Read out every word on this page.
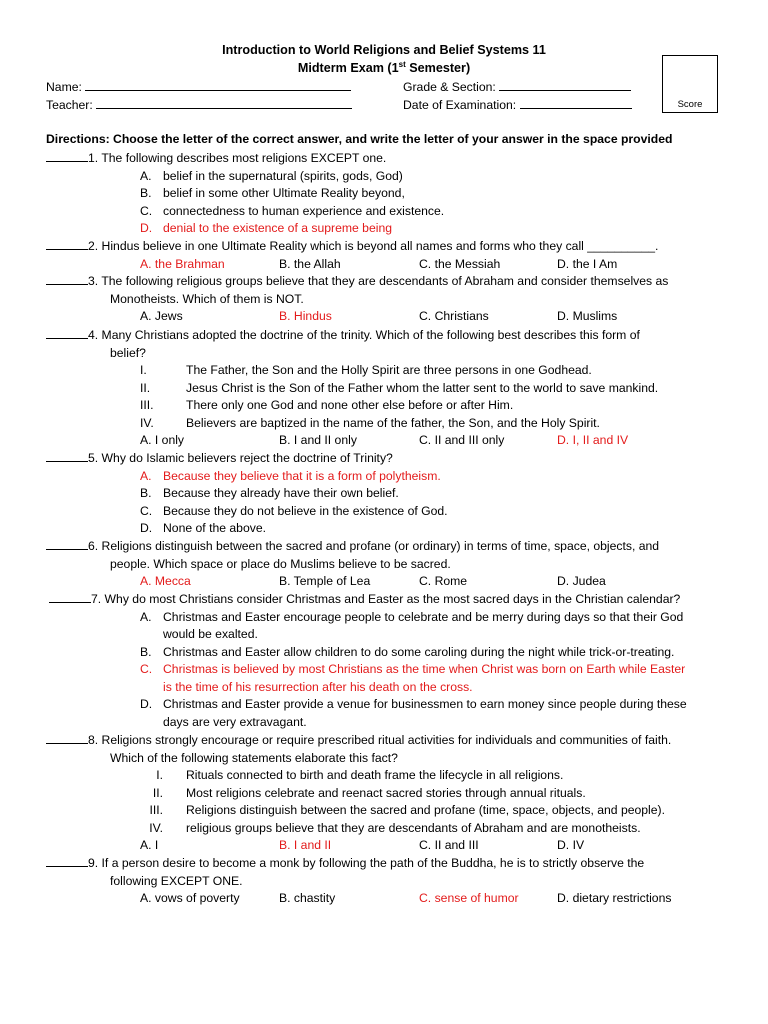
Introduction to World Religions and Belief Systems 11
Midterm Exam (1st Semester)
Name:	Grade & Section:
Teacher:	Date of Examination:	Score
Directions: Choose the letter of the correct answer, and write the letter of your answer in the space provided
1. The following describes most religions EXCEPT one.
A. belief in the supernatural (spirits, gods, God)
B. belief in some other Ultimate Reality beyond,
C. connectedness to human experience and existence.
D. denial to the existence of a supreme being
2. Hindus believe in one Ultimate Reality which is beyond all names and forms who they call __________.
A. the Brahman	B. the Allah	C. the Messiah	D. the I Am
3. The following religious groups believe that they are descendants of Abraham and consider themselves as
Monotheists. Which of them is NOT.
A. Jews	B. Hindus	C. Christians	D. Muslims
4. Many Christians adopted the doctrine of the trinity. Which of the following best describes this form of
belief?
I.	The Father, the Son and the Holly Spirit are three persons in one Godhead.
II.	Jesus Christ is the Son of the Father whom the latter sent to the world to save mankind.
III.	There only one God and none other else before or after Him.
IV.	Believers are baptized in the name of the father, the Son, and the Holy Spirit.
A. I only	B. I and II only	C. II and III only	D. I, II and IV
5. Why do Islamic believers reject the doctrine of Trinity?
A. Because they believe that it is a form of polytheism.
B. Because they already have their own belief.
C. Because they do not believe in the existence of God.
D. None of the above.
6. Religions distinguish between the sacred and profane (or ordinary) in terms of time, space, objects, and
people. Which space or place do Muslims believe to be sacred.
A. Mecca	B. Temple of Lea	C. Rome	D. Judea
7. Why do most Christians consider Christmas and Easter as the most sacred days in the Christian calendar?
A. Christmas and Easter encourage people to celebrate and be merry during days so that their God
would be exalted.
B. Christmas and Easter allow children to do some caroling during the night while trick-or-treating.
C. Christmas is believed by most Christians as the time when Christ was born on Earth while Easter
is the time of his resurrection after his death on the cross.
D. Christmas and Easter provide a venue for businessmen to earn money since people during these
days are very extravagant.
8. Religions strongly encourage or require prescribed ritual activities for individuals and communities of faith.
Which of the following statements elaborate this fact?
I. Rituals connected to birth and death frame the lifecycle in all religions.
II. Most religions celebrate and reenact sacred stories through annual rituals.
III. Religions distinguish between the sacred and profane (time, space, objects, and people).
IV. religious groups believe that they are descendants of Abraham and are monotheists.
A. I	B. I and II	C. II and III	D. IV
9. If a person desire to become a monk by following the path of the Buddha, he is to strictly observe the
following EXCEPT ONE.
A. vows of poverty	B. chastity	C. sense of humor	D. dietary restrictions
